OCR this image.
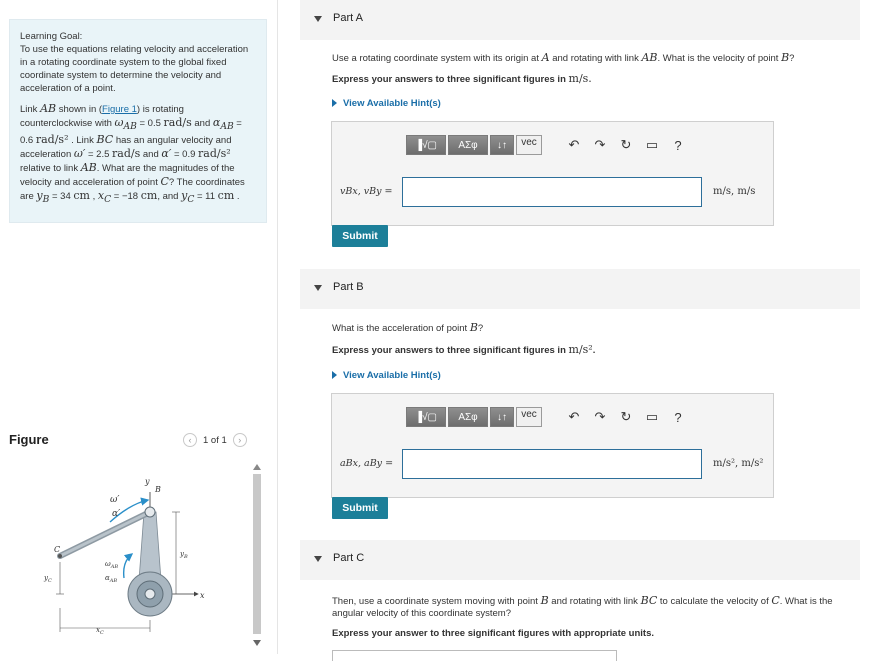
Learning Goal:

To use the equations relating velocity and acceleration in a rotating coordinate system to the global fixed coordinate system to determine the velocity and acceleration of a point.

Link AB shown in (Figure 1) is rotating counterclockwise with $\omega_{AB} = 0.5$ rad/s and $\alpha_{AB} = 0.6$ rad/s² . Link BC has an angular velocity and acceleration ω′ = 2.5 rad/s and α′ = 0.9 rad/s² relative to link AB. What are the magnitudes of the velocity and acceleration of point C? The coordinates are $y_B = 34$ cm , $x_C = -18$ cm, and $y_C = 11$ cm .

Figure	‹	1 of 1	›
C
B
y
x
ω′
α′
$\omega_{AB}$
$\alpha_{AB}$
$y_C$
$y_B$
$x_C$
Part A
Use a rotating coordinate system with its origin at A and rotating with link AB. What is the velocity of point B?
Express your answers to three significant figures in m/s.
View Available Hint(s)
▐√▢	ΑΣφ	↓↑	vec	↶	↷	↻	▭	?
vBx, vBy =	m/s, m/s
Submit
Part B
What is the acceleration of point B?
Express your answers to three significant figures in m/s².
View Available Hint(s)
▐√▢	ΑΣφ	↓↑	vec	↶	↷	↻	▭	?
aBx, aBy =	m/s², m/s²
Submit
Part C
Then, use a coordinate system moving with point B and rotating with link BC to calculate the velocity of C. What is the angular velocity of this coordinate system?
Express your answer to three significant figures with appropriate units.
